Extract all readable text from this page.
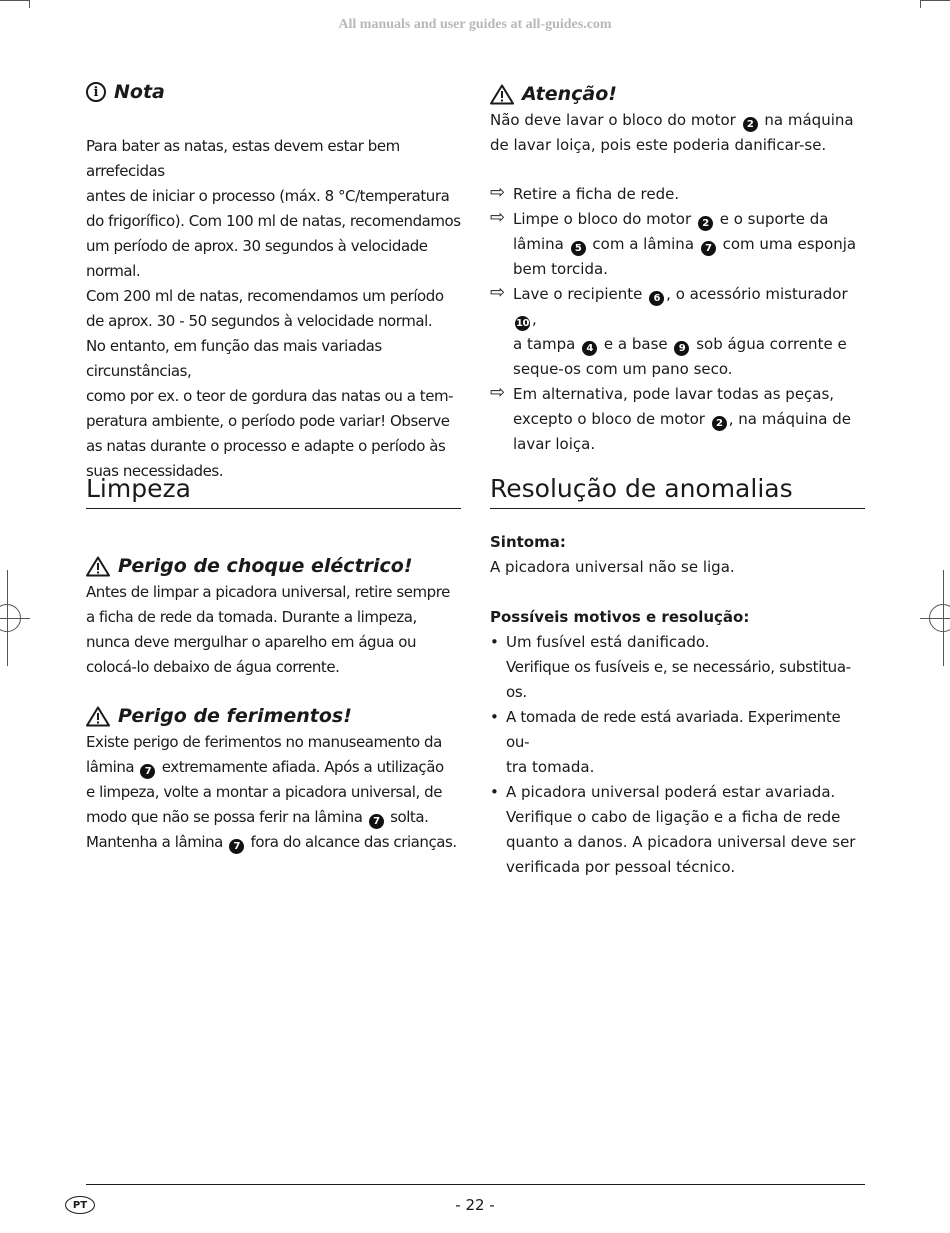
All manuals and user guides at all-guides.com
i Nota

Para bater as natas, estas devem estar bem arrefecidas

antes de iniciar o processo (máx. 8 °C/temperatura

do frigorífico). Com 100 ml de natas, recomendamos

um período de aprox. 30 segundos à velocidade

normal.

Com 200 ml de natas, recomendamos um período

de aprox. 30 - 50 segundos à velocidade normal.

No entanto, em função das mais variadas circunstâncias,

como por ex. o teor de gordura das natas ou a tem-

peratura ambiente, o período pode variar! Observe

as natas durante o processo e adapte o período às

suas necessidades.

Limpeza
Perigo de choque eléctrico!

Antes de limpar a picadora universal, retire sempre

a ficha de rede da tomada. Durante a limpeza,

nunca deve mergulhar o aparelho em água ou

colocá-lo debaixo de água corrente.

Perigo de ferimentos!

Existe perigo de ferimentos no manuseamento da

lâmina 7 extremamente afiada. Após a utilização

e limpeza, volte a montar a picadora universal, de

modo que não se possa ferir na lâmina 7 solta.

Mantenha a lâmina 7 fora do alcance das crianças.

Atenção!

Não deve lavar o bloco do motor 2 na máquina

de lavar loiça, pois este poderia danificar-se.

⇨ Retire a ficha de rede.
⇨ Limpe o bloco do motor 2 e o suporte da
lâmina 5 com a lâmina 7 com uma esponja
bem torcida.
⇨ Lave o recipiente 6 , o acessório misturador 10 ,
a tampa 4 e a base 9 sob água corrente e
seque-os com um pano seco.
⇨ Em alternativa, pode lavar todas as peças,
excepto o bloco de motor 2 , na máquina de
lavar loiça.
Resolução de anomalias

Sintoma:

A picadora universal não se liga.

Possíveis motivos e resolução:

• Um fusível está danificado.
Verifique os fusíveis e, se necessário, substitua-os.
• A tomada de rede está avariada. Experimente ou-
tra tomada.
• A picadora universal poderá estar avariada.
Verifique o cabo de ligação e a ficha de rede
quanto a danos. A picadora universal deve ser
verificada por pessoal técnico.
PT	- 22 -
